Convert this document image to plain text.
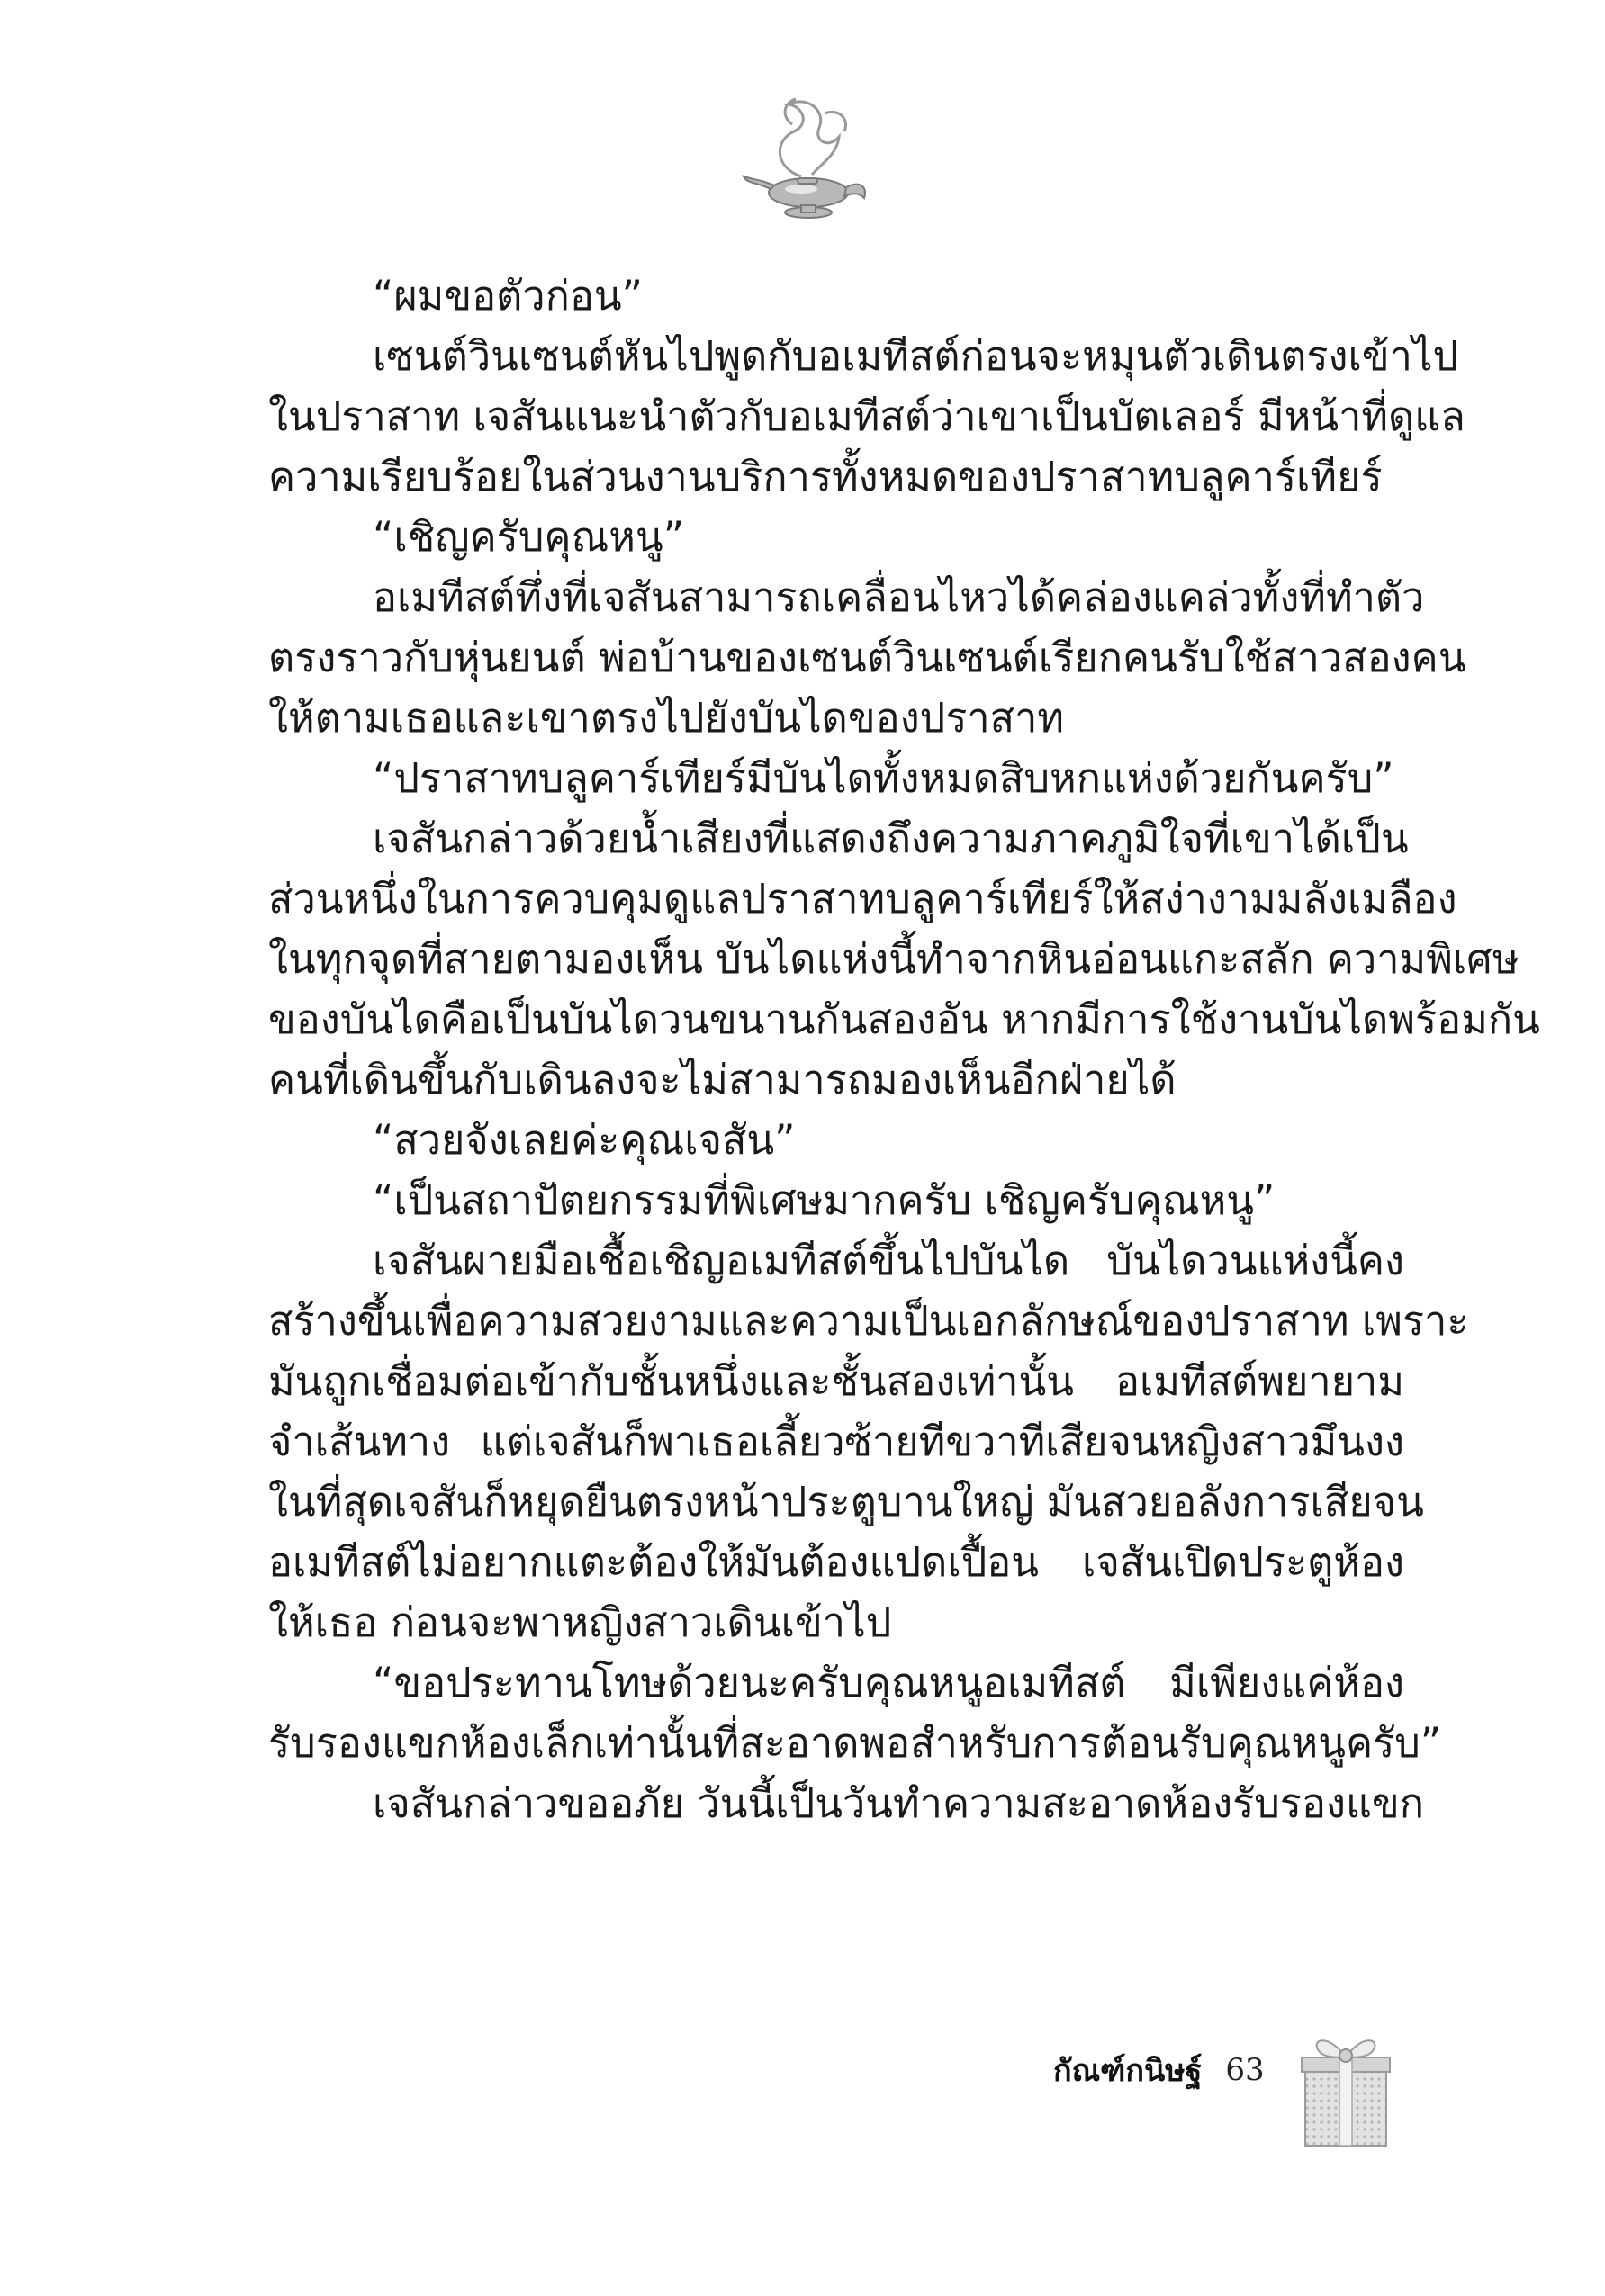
“ผมขอตัวก่อน”
เซนต์วินเซนต์หันไปพูดกับอเมทีสต์ก่อนจะหมุนตัวเดินตรงเข้าไป
ในปราสาท เจสันแนะนำตัวกับอเมทีสต์ว่าเขาเป็นบัตเลอร์ มีหน้าที่ดูแล
ความเรียบร้อยในส่วนงานบริการทั้งหมดของปราสาทบลูคาร์เทียร์
“เชิญครับคุณหนู”
อเมทีสต์ทึ่งที่เจสันสามารถเคลื่อนไหวได้คล่องแคล่วทั้งที่ทำตัว
ตรงราวกับหุ่นยนต์ พ่อบ้านของเซนต์วินเซนต์เรียกคนรับใช้สาวสองคน
ให้ตามเธอและเขาตรงไปยังบันไดของปราสาท
“ปราสาทบลูคาร์เทียร์มีบันไดทั้งหมดสิบหกแห่งด้วยกันครับ”
เจสันกล่าวด้วยน้ำเสียงที่แสดงถึงความภาคภูมิใจที่เขาได้เป็น
ส่วนหนึ่งในการควบคุมดูแลปราสาทบลูคาร์เทียร์ให้สง่างามมลังเมลือง
ในทุกจุดที่สายตามองเห็น บันไดแห่งนี้ทำจากหินอ่อนแกะสลัก ความพิเศษ
ของบันไดคือเป็นบันไดวนขนานกันสองอัน หากมีการใช้งานบันไดพร้อมกัน
คนที่เดินขึ้นกับเดินลงจะไม่สามารถมองเห็นอีกฝ่ายได้
“สวยจังเลยค่ะคุณเจสัน”
“เป็นสถาปัตยกรรมที่พิเศษมากครับ เชิญครับคุณหนู”
เจสันผายมือเชื้อเชิญอเมทีสต์ขึ้นไปบันได บันไดวนแห่งนี้คง
สร้างขึ้นเพื่อความสวยงามและความเป็นเอกลักษณ์ของปราสาท เพราะ
มันถูกเชื่อมต่อเข้ากับชั้นหนึ่งและชั้นสองเท่านั้น อเมทีสต์พยายาม
จำเส้นทาง แต่เจสันก็พาเธอเลี้ยวซ้ายทีขวาทีเสียจนหญิงสาวมึนงง
ในที่สุดเจสันก็หยุดยืนตรงหน้าประตูบานใหญ่ มันสวยอลังการเสียจน
อเมทีสต์ไม่อยากแตะต้องให้มันต้องแปดเปื้อน เจสันเปิดประตูห้อง
ให้เธอ ก่อนจะพาหญิงสาวเดินเข้าไป
“ขอประทานโทษด้วยนะครับคุณหนูอเมทีสต์ มีเพียงแค่ห้อง
รับรองแขกห้องเล็กเท่านั้นที่สะอาดพอสำหรับการต้อนรับคุณหนูครับ”
เจสันกล่าวขออภัย วันนี้เป็นวันทำความสะอาดห้องรับรองแขก
กัณฑ์กนิษฐ์ 63
